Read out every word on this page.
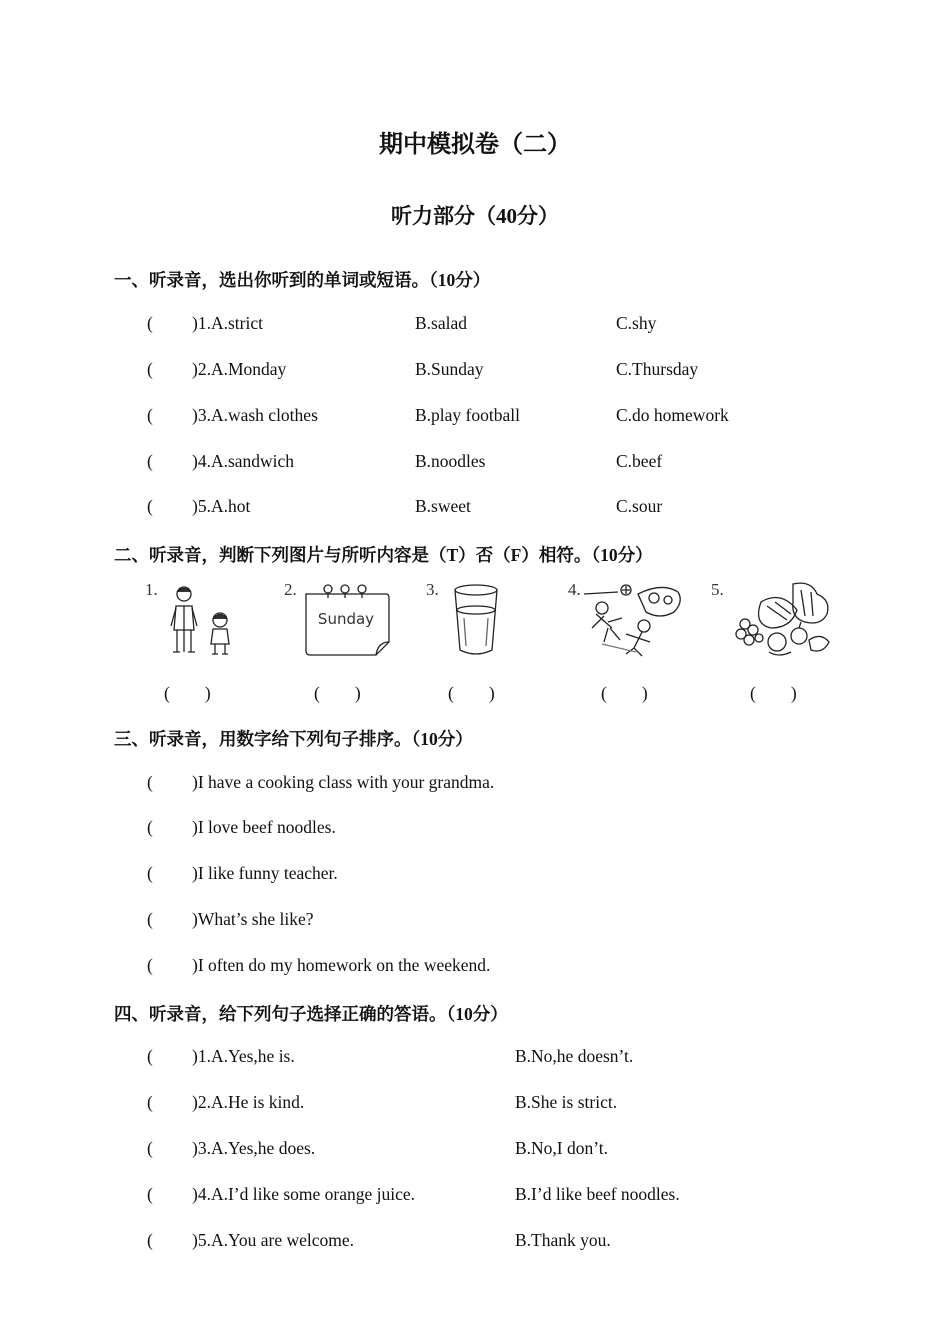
期中模拟卷（二）
听力部分（40分）
一、听录音，选出你听到的单词或短语。（10分）
( )1.A.strict	B.salad	C.shy
( )2.A.Monday	B.Sunday	C.Thursday
( )3.A.wash clothes	B.play football	C.do homework
( )4.A.sandwich	B.noodles	C.beef
( )5.A.hot	B.sweet	C.sour
二、听录音，判断下列图片与所听内容是（T）否（F）相符。（10分）
1.	2.
Sunday
3.	4.	5.
(　　)	(　　)	(　　)	(　　)	(　　)
三、听录音，用数字给下列句子排序。（10分）
( )I have a cooking class with your grandma.
( )I love beef noodles.
( )I like funny teacher.
( )What’s she like?
( )I often do my homework on the weekend.
四、听录音，给下列句子选择正确的答语。（10分）
( )1.A.Yes,he is.	B.No,he doesn’t.
( )2.A.He is kind.	B.She is strict.
( )3.A.Yes,he does.	B.No,I don’t.
( )4.A.I’d like some orange juice.	B.I’d like beef noodles.
( )5.A.You are welcome.	B.Thank you.
